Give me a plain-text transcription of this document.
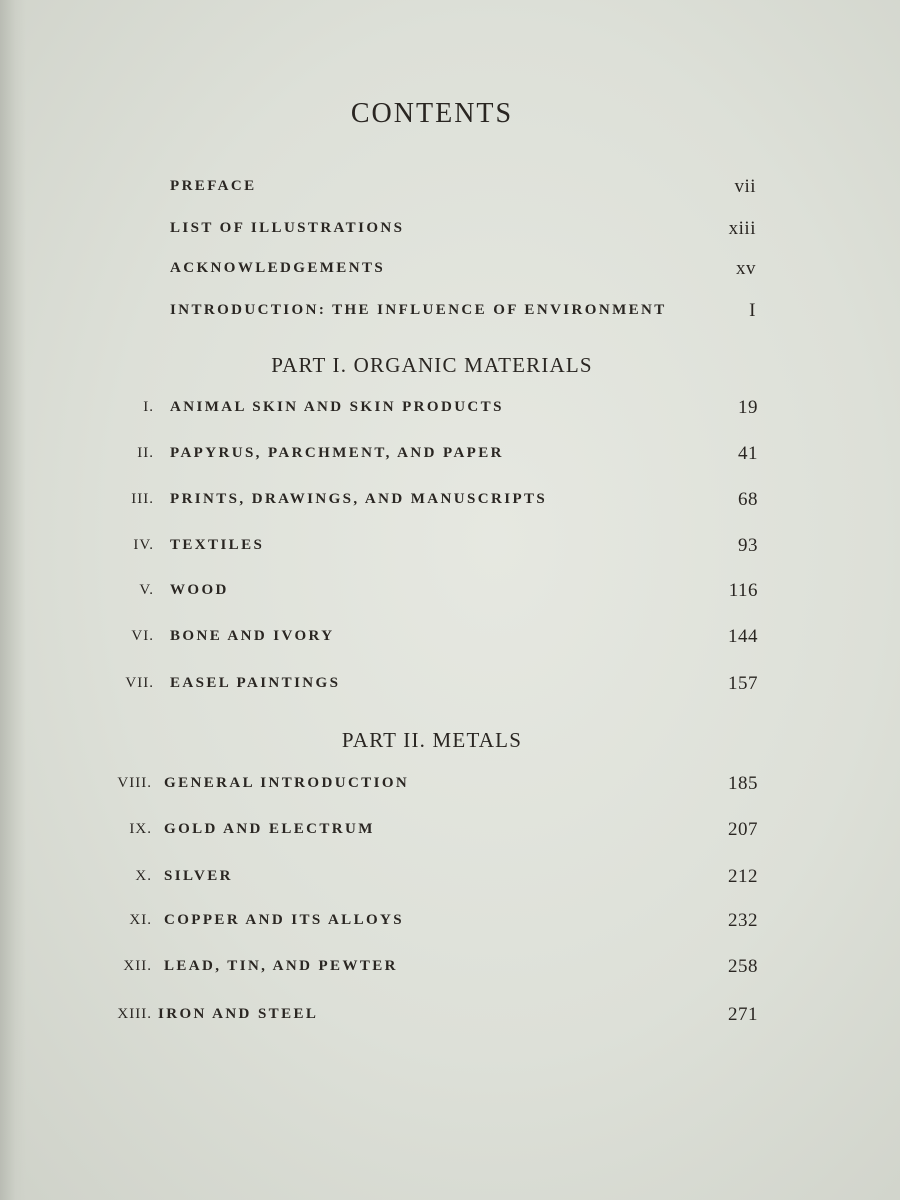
CONTENTS
PREFACE	vii
LIST OF ILLUSTRATIONS	xiii
ACKNOWLEDGEMENTS	xv
INTRODUCTION: THE INFLUENCE OF ENVIRONMENT	I
PART I. ORGANIC MATERIALS
I. ANIMAL SKIN AND SKIN PRODUCTS	19
II. PAPYRUS, PARCHMENT, AND PAPER	41
III. PRINTS, DRAWINGS, AND MANUSCRIPTS	68
IV. TEXTILES	93
V. WOOD	116
VI. BONE AND IVORY	144
VII. EASEL PAINTINGS	157
PART II. METALS
VIII. GENERAL INTRODUCTION	185
IX. GOLD AND ELECTRUM	207
X. SILVER	212
XI. COPPER AND ITS ALLOYS	232
XII. LEAD, TIN, AND PEWTER	258
XIII. IRON AND STEEL	271
